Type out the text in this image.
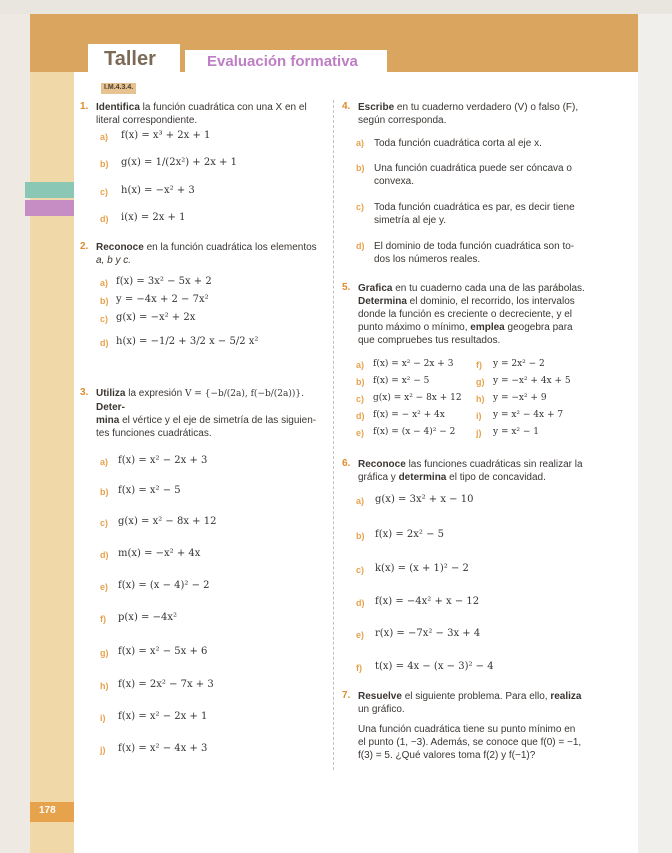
Taller	Evaluación formativa
I.M.4.3.4.
178
1. Identifica la función cuadrática con una X en el
literal correspondiente.
a) f(x) = x³ + 2x + 1
b) g(x) = 1/(2x²) + 2x + 1
c) h(x) = −x² + 3
d) i(x) = 2x + 1
2. Reconoce en la función cuadrática los elementos
a, b y c.
a) f(x) = 3x² − 5x + 2
b) y = −4x + 2 − 7x²
c) g(x) = −x² + 2x
d) h(x) = −1/2 + 3/2 x − 5/2 x²
3. Utiliza la expresión V = {−b/(2a), f(−b/(2a))}. Deter-
mina el vértice y el eje de simetría de las siguien-
tes funciones cuadráticas.
a) f(x) = x² − 2x + 3
b) f(x) = x² − 5
c) g(x) = x² − 8x + 12
d) m(x) = −x² + 4x
e) f(x) = (x − 4)² − 2
f) p(x) = −4x²
g) f(x) = x² − 5x + 6
h) f(x) = 2x² − 7x + 3
i) f(x) = x² − 2x + 1
j) f(x) = x² − 4x + 3
4. Escribe en tu cuaderno verdadero (V) o falso (F),
según corresponda.
a) Toda función cuadrática corta al eje x.
b) Una función cuadrática puede ser cóncava o
convexa.
c) Toda función cuadrática es par, es decir tiene
simetría al eje y.
d) El dominio de toda función cuadrática son to-
dos los números reales.
5. Grafica en tu cuaderno cada una de las parábolas.
Determina el dominio, el recorrido, los intervalos
donde la función es creciente o decreciente, y el
punto máximo o mínimo, emplea geogebra para
que compruebes tus resultados.
a) f(x) = x² − 2x + 3
b) f(x) = x² − 5
c) g(x) = x² − 8x + 12
d) f(x) = − x² + 4x
e) f(x) = (x − 4)² − 2
f) y = 2x² − 2
g) y = −x² + 4x + 5
h) y = −x² + 9
i) y = x² − 4x + 7
j) y = x² − 1
6. Reconoce las funciones cuadráticas sin realizar la
gráfica y determina el tipo de concavidad.
a) g(x) = 3x² + x − 10
b) f(x) = 2x² − 5
c) k(x) = (x + 1)² − 2
d) f(x) = −4x² + x − 12
e) r(x) = −7x² − 3x + 4
f) t(x) = 4x − (x − 3)² − 4
7. Resuelve el siguiente problema. Para ello, realiza
un gráfico.
Una función cuadrática tiene su punto mínimo en
el punto (1, −3). Además, se conoce que f(0) = −1,
f(3) = 5. ¿Qué valores toma f(2) y f(−1)?
